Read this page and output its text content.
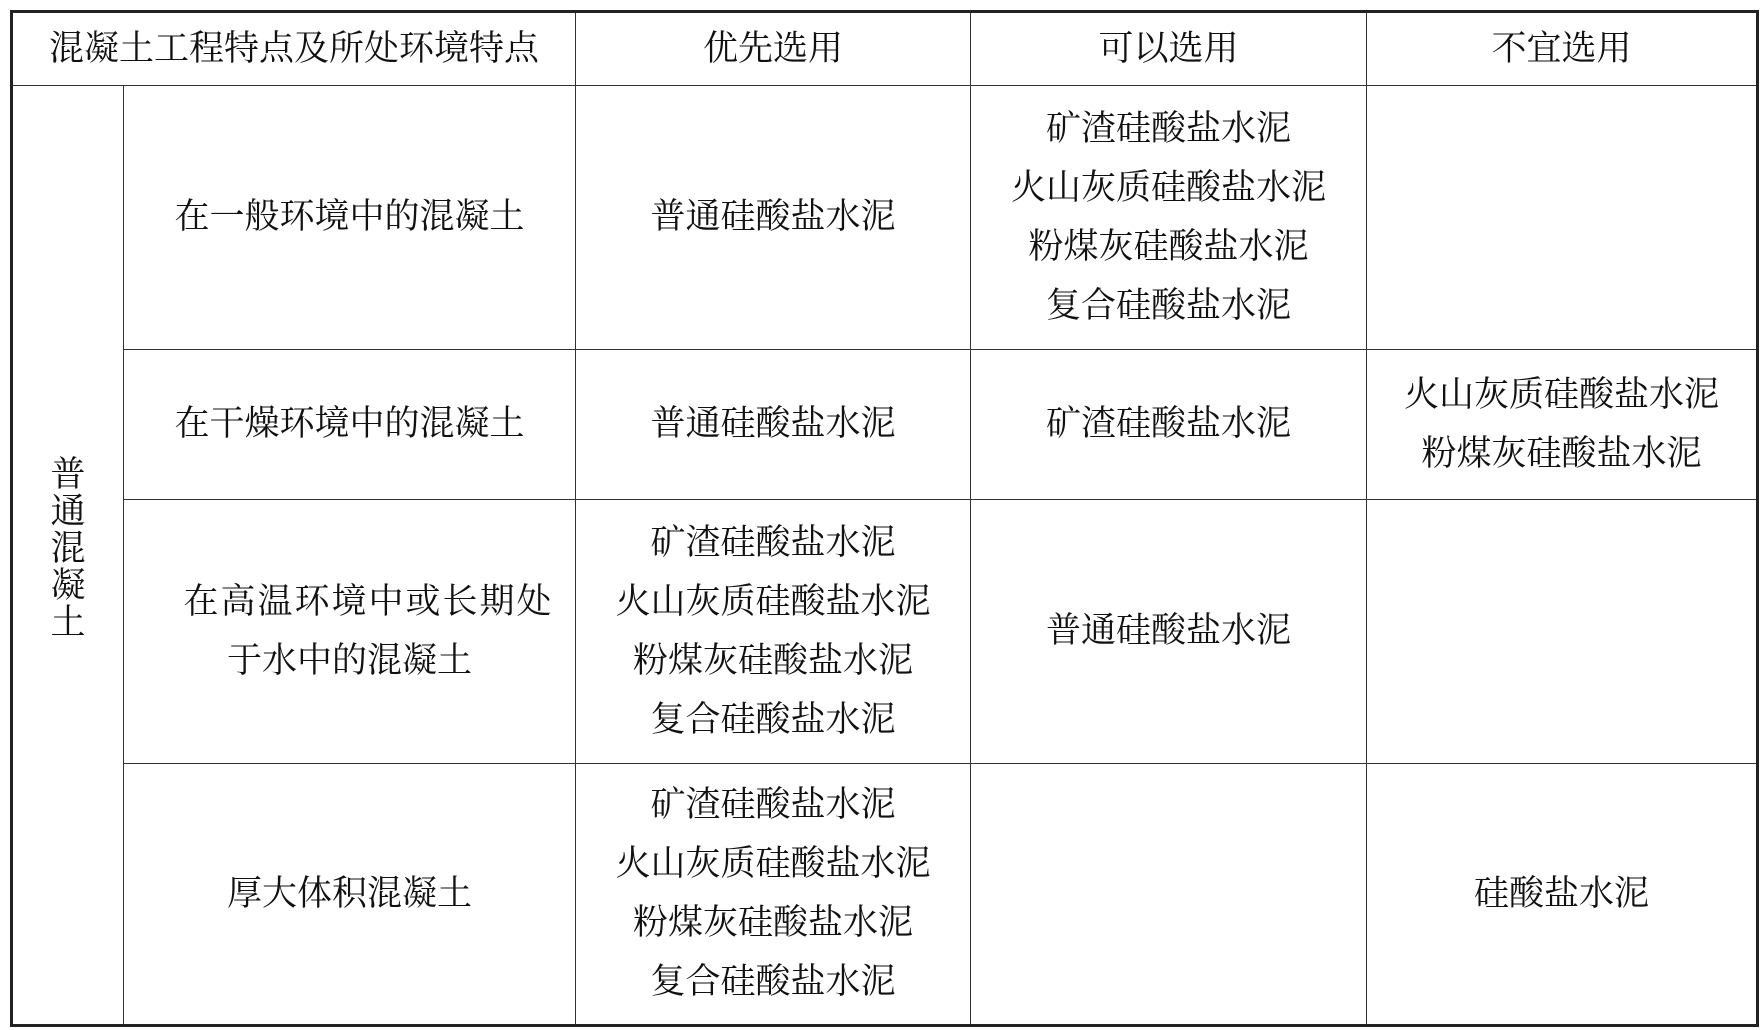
混凝土工程特点及所处环境特点		优先选用	可以选用	不宜选用

普
通
混
凝
土	在一般环境中的混凝土	普通硅酸盐水泥	矿渣硅酸盐水泥
火山灰质硅酸盐水泥
粉煤灰硅酸盐水泥
复合硅酸盐水泥	

	在干燥环境中的混凝土	普通硅酸盐水泥	矿渣硅酸盐水泥	火山灰质硅酸盐水泥
粉煤灰硅酸盐水泥

	在高温环境中或长期处
于水中的混凝土	矿渣硅酸盐水泥
火山灰质硅酸盐水泥
粉煤灰硅酸盐水泥
复合硅酸盐水泥	普通硅酸盐水泥	

	厚大体积混凝土	矿渣硅酸盐水泥
火山灰质硅酸盐水泥
粉煤灰硅酸盐水泥
复合硅酸盐水泥		硅酸盐水泥
